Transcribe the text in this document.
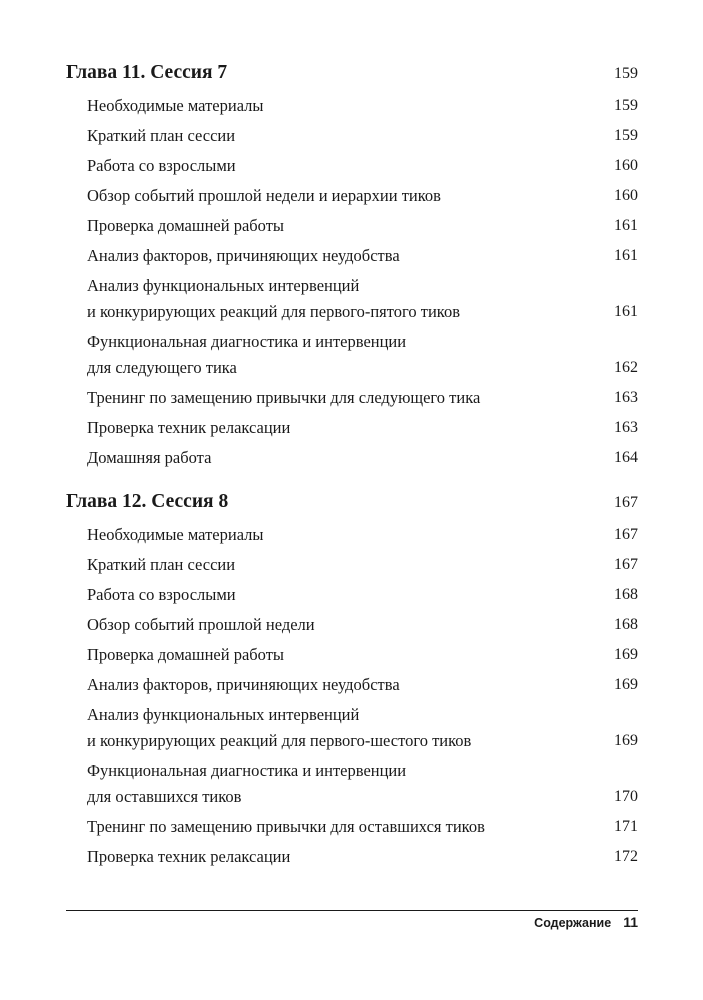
Глава 11. Сессия 7	159
Необходимые материалы	159
Краткий план сессии	159
Работа со взрослыми	160
Обзор событий прошлой недели и иерархии тиков	160
Проверка домашней работы	161
Анализ факторов, причиняющих неудобства	161
Анализ функциональных интервенций
и конкурирующих реакций для первого-пятого тиков	161
Функциональная диагностика и интервенции
для следующего тика	162
Тренинг по замещению привычки для следующего тика	163
Проверка техник релаксации	163
Домашняя работа	164
Глава 12. Сессия 8	167
Необходимые материалы	167
Краткий план сессии	167
Работа со взрослыми	168
Обзор событий прошлой недели	168
Проверка домашней работы	169
Анализ факторов, причиняющих неудобства	169
Анализ функциональных интервенций
и конкурирующих реакций для первого-шестого тиков	169
Функциональная диагностика и интервенции
для оставшихся тиков	170
Тренинг по замещению привычки для оставшихся тиков	171
Проверка техник релаксации	172
Содержание 11
